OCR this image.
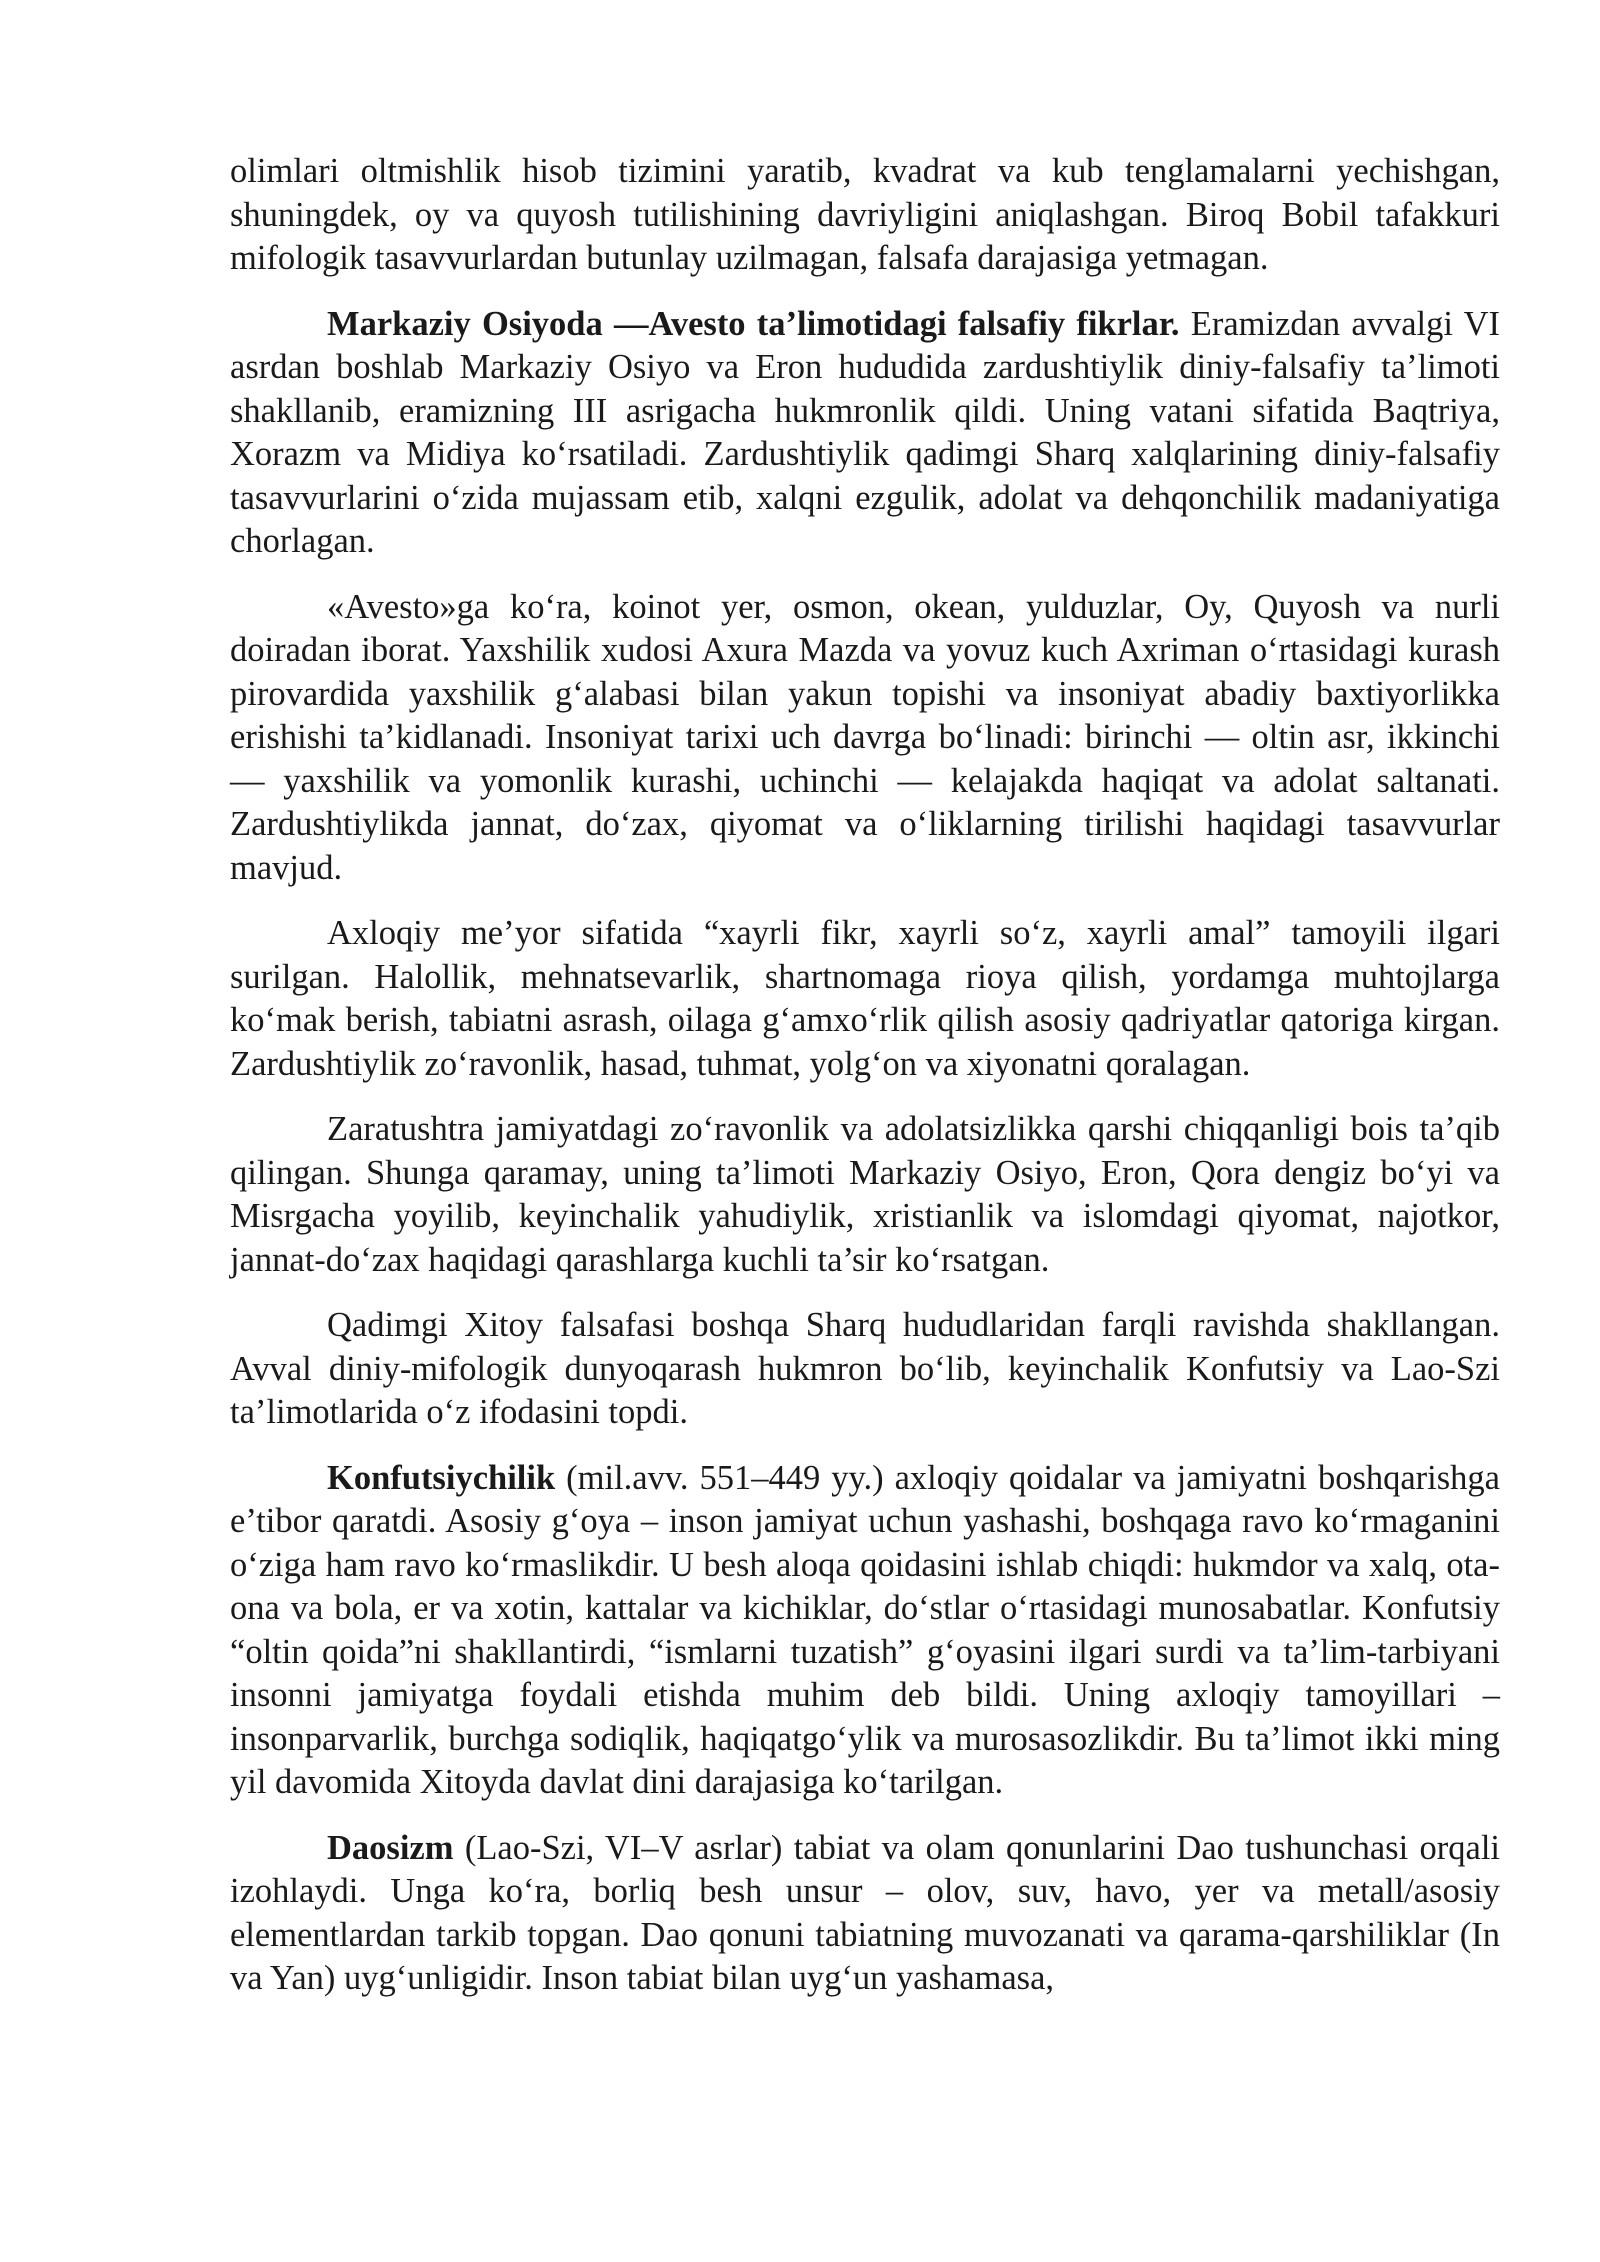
olimlari oltmishlik hisob tizimini yaratib, kvadrat va kub tenglamalarni yechishgan, shuningdek, oy va quyosh tutilishining davriyligini aniqlashgan. Biroq Bobil tafakkuri mifologik tasavvurlardan butunlay uzilmagan, falsafa darajasiga yetmagan.

Markaziy Osiyoda —Avesto ta’limotidagi falsafiy fikrlar. Eramizdan avvalgi VI asrdan boshlab Markaziy Osiyo va Eron hududida zardushtiylik diniy-falsafiy ta’limoti shakllanib, eramizning III asrigacha hukmronlik qildi. Uning vatani sifatida Baqtriya, Xorazm va Midiya ko‘rsatiladi. Zardushtiylik qadimgi Sharq xalqlarining diniy-falsafiy tasavvurlarini o‘zida mujassam etib, xalqni ezgulik, adolat va dehqonchilik madaniyatiga chorlagan.

«Avesto»ga ko‘ra, koinot yer, osmon, okean, yulduzlar, Oy, Quyosh va nurli doiradan iborat. Yaxshilik xudosi Axura Mazda va yovuz kuch Axriman o‘rtasidagi kurash pirovardida yaxshilik g‘alabasi bilan yakun topishi va insoniyat abadiy baxtiyorlikka erishishi ta’kidlanadi. Insoniyat tarixi uch davrga bo‘linadi: birinchi — oltin asr, ikkinchi — yaxshilik va yomonlik kurashi, uchinchi — kelajakda haqiqat va adolat saltanati. Zardushtiylikda jannat, do‘zax, qiyomat va o‘liklarning tirilishi haqidagi tasavvurlar mavjud.

Axloqiy me’yor sifatida “xayrli fikr, xayrli so‘z, xayrli amal” tamoyili ilgari surilgan. Halollik, mehnatsevarlik, shartnomaga rioya qilish, yordamga muhtojlarga ko‘mak berish, tabiatni asrash, oilaga g‘amxo‘rlik qilish asosiy qadriyatlar qatoriga kirgan. Zardushtiylik zo‘ravonlik, hasad, tuhmat, yolg‘on va xiyonatni qoralagan.

Zaratushtra jamiyatdagi zo‘ravonlik va adolatsizlikka qarshi chiqqanligi bois ta’qib qilingan. Shunga qaramay, uning ta’limoti Markaziy Osiyo, Eron, Qora dengiz bo‘yi va Misrgacha yoyilib, keyinchalik yahudiylik, xristianlik va islomdagi qiyomat, najotkor, jannat-do‘zax haqidagi qarashlarga kuchli ta’sir ko‘rsatgan.

Qadimgi Xitoy falsafasi boshqa Sharq hududlaridan farqli ravishda shakllangan. Avval diniy-mifologik dunyoqarash hukmron bo‘lib, keyinchalik Konfutsiy va Lao-Szi ta’limotlarida o‘z ifodasini topdi.

Konfutsiychilik (mil.avv. 551–449 yy.) axloqiy qoidalar va jamiyatni boshqarishga e’tibor qaratdi. Asosiy g‘oya – inson jamiyat uchun yashashi, boshqaga ravo ko‘rmaganini o‘ziga ham ravo ko‘rmaslikdir. U besh aloqa qoidasini ishlab chiqdi: hukmdor va xalq, ota-ona va bola, er va xotin, kattalar va kichiklar, do‘stlar o‘rtasidagi munosabatlar. Konfutsiy “oltin qoida”ni shakllantirdi, “ismlarni tuzatish” g‘oyasini ilgari surdi va ta’lim-tarbiyani insonni jamiyatga foydali etishda muhim deb bildi. Uning axloqiy tamoyillari – insonparvarlik, burchga sodiqlik, haqiqatgo‘ylik va murosasozlikdir. Bu ta’limot ikki ming yil davomida Xitoyda davlat dini darajasiga ko‘tarilgan.

Daosizm (Lao-Szi, VI–V asrlar) tabiat va olam qonunlarini Dao tushunchasi orqali izohlaydi. Unga ko‘ra, borliq besh unsur – olov, suv, havo, yer va metall/asosiy elementlardan tarkib topgan. Dao qonuni tabiatning muvozanati va qarama-qarshiliklar (In va Yan) uyg‘unligidir. Inson tabiat bilan uyg‘un yashamasa,
